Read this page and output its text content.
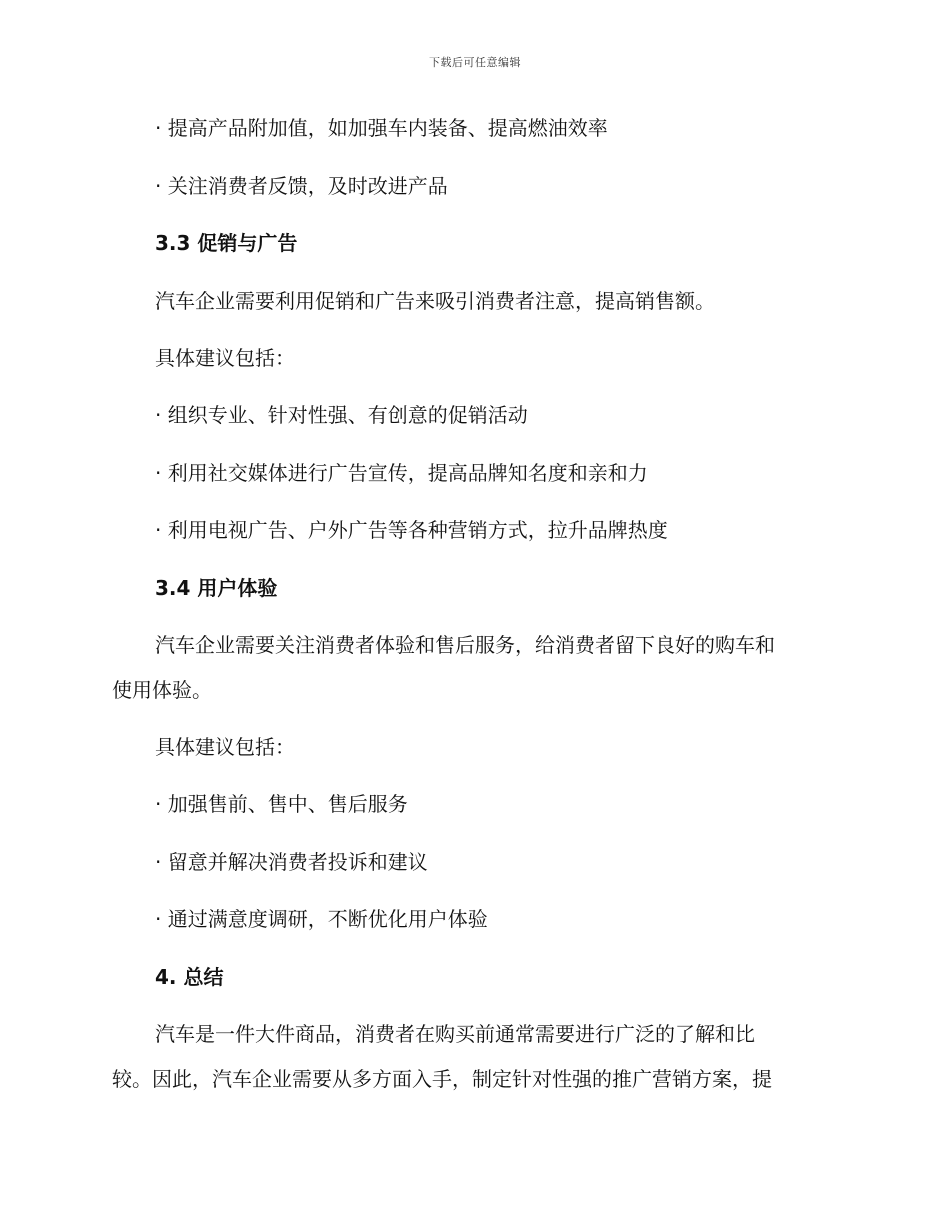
下载后可任意编辑
· 提高产品附加值，如加强车内装备、提高燃油效率
· 关注消费者反馈，及时改进产品
3.3 促销与广告
汽车企业需要利用促销和广告来吸引消费者注意，提高销售额。
具体建议包括：
· 组织专业、针对性强、有创意的促销活动
· 利用社交媒体进行广告宣传，提高品牌知名度和亲和力
· 利用电视广告、户外广告等各种营销方式，拉升品牌热度
3.4 用户体验
汽车企业需要关注消费者体验和售后服务，给消费者留下良好的购车和
使用体验。
具体建议包括：
· 加强售前、售中、售后服务
· 留意并解决消费者投诉和建议
· 通过满意度调研，不断优化用户体验
4. 总结
汽车是一件大件商品，消费者在购买前通常需要进行广泛的了解和比
较。因此，汽车企业需要从多方面入手，制定针对性强的推广营销方案，提
